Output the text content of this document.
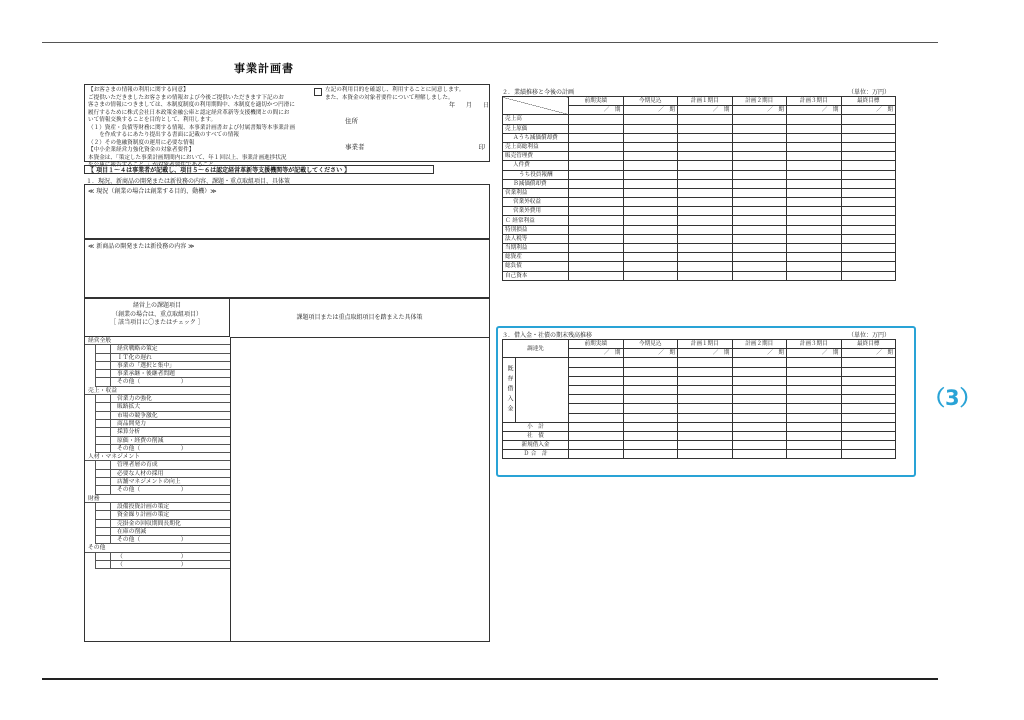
事業計画書
【お客さまの情報の利用に関する同意】
ご提供いただきましたお客さまの情報および今後ご提供いただきます下記のお
客さまの情報につきましては、本制度制度の利用期間中、本制度を適切かつ円滑に
履行するために株式会社日本政策金融公庫と認定経営革新等支援機関との間にお
いて情報交換することを目的として、利用します。
（１）資産・負債等財務に関する情報、本事業計画書および付属書類等本事業計画
　　を作成するにあたり提出する書面に記載のすべての情報
（２）その他融資制度の運用に必要な情報
【中小企業経営力強化資金の対象者要件】
本資金は、「策定した事業計画期間内において、年１回以上、事業計画進捗状況
を公庫に報告すること。」が対象者要件であること。
左記の利用目的を確認し、利用することに同意します。
また、本資金の対象者要件について理解しました。
年 月 日
住所
事業者	印
【 項目１～４は事業者が記載し、項目５～６は認定経営革新等支援機関等が記載してください 】
１．現況、新商品の開発または新役務の内容、課題・重点取組項目、具体策
≪ 現況（創業の場合は創業する目的、動機）≫
≪ 新商品の開発または新役務の内容 ≫
経営上の課題項目
（創業の場合は、重点取組項目）
［ 該当項目に〇またはチェック ］
課題項目または重点取組項目を踏まえた具体策
経営全般
経営戦略の策定
ＩＴ化の遅れ
事業の「選択と集中」
事業承継・後継者問題
その他（　　　　　　　）
売上・収益
営業力の強化
販路拡大
市場の競争激化
商品開発力
採算分析
原価・経費の削減
その他（　　　　　　　）
人材・マネジメント
管理者層の育成
必要な人材の採用
店舗マネジメントの向上
その他（　　　　　　　）
財務
設備投資計画の策定
資金繰り計画の策定
売掛金の回収期間長期化
在庫の削減
その他（　　　　　　　）
その他
（　　　　　　　　　　）
（　　　　　　　　　　）
２．業績推移と今後の計画	（単位：万円）
	前期実績	今期見込	計画１期目	計画２期目	計画３期目	最終目標
	／　期	／　期	／　期	／　期	／　期	／　期
売上高						
売上原価						
Ａうち減価償却費						
売上高総利益						
販売管理費						
人件費						
うち役員報酬						
Ｂ減価償却費						
営業利益						
営業外収益						
営業外費用						
Ｃ 経常利益						
特別損益						
法人税等						
当期利益						
総資産						
総負債						
自己資本						
３．借入金・社債の期末残高推移	（単位：万円）
調達先	前期実績	今期見込	計画１期目	計画２期目	計画３期目	最終目標
	／　期	／　期	／　期	／　期	／　期	／　期

既存借入金						

小　計						
社　債						
新規借入金						
Ｄ 合　計						
（3）
